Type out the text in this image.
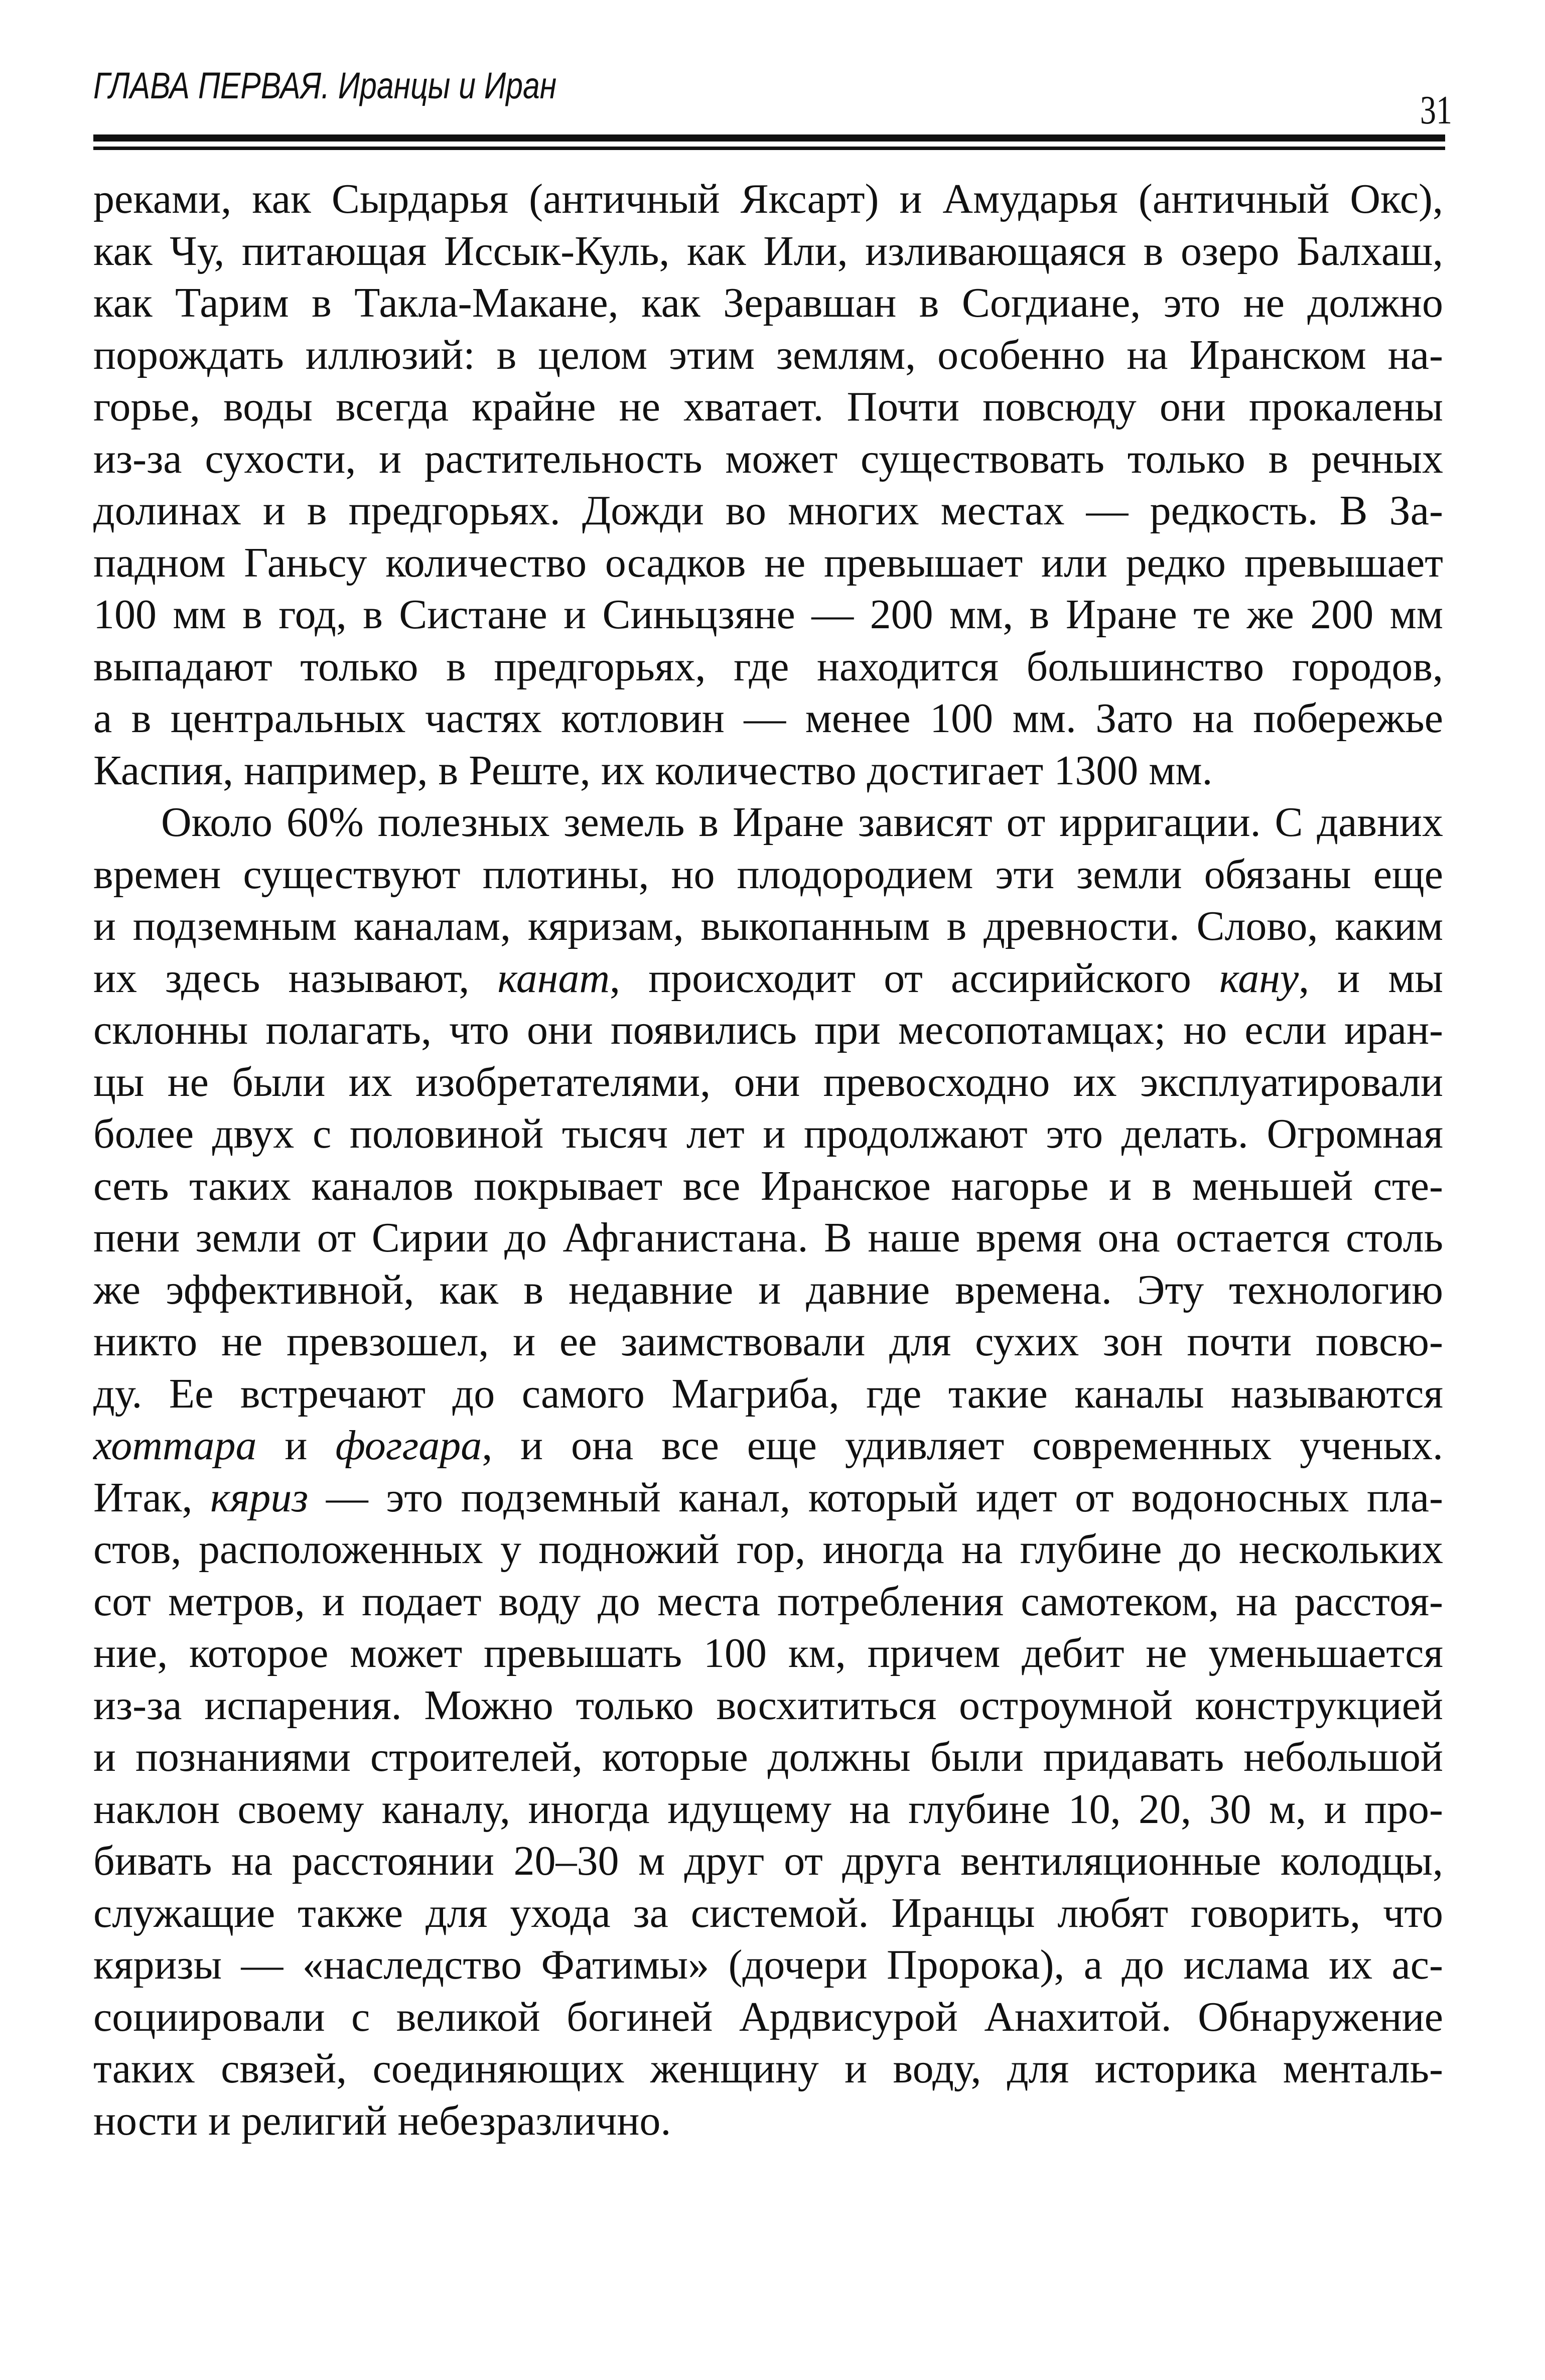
ГЛАВА ПЕРВАЯ. Иранцы и Иран
31
реками, как Сырдарья (античный Яксарт) и Амударья (античный Окс),
как Чу, питающая Иссык-Куль, как Или, изливающаяся в озеро Балхаш,
как Тарим в Такла-Макане, как Зеравшан в Согдиане, это не должно
порождать иллюзий: в целом этим землям, особенно на Иранском на-
горье, воды всегда крайне не хватает. Почти повсюду они прокалены
из-за сухости, и растительность может существовать только в речных
долинах и в предгорьях. Дожди во многих местах — редкость. В За-
падном Ганьсу количество осадков не превышает или редко превышает
100 мм в год, в Систане и Синьцзяне — 200 мм, в Иране те же 200 мм
выпадают только в предгорьях, где находится большинство городов,
а в центральных частях котловин — менее 100 мм. Зато на побережье
Каспия, например, в Реште, их количество достигает 1300 мм.
Около 60% полезных земель в Иране зависят от ирригации. С давних
времен существуют плотины, но плодородием эти земли обязаны еще
и подземным каналам, кяризам, выкопанным в древности. Слово, каким
их здесь называют, канат, происходит от ассирийского кану, и мы
склонны полагать, что они появились при месопотамцах; но если иран-
цы не были их изобретателями, они превосходно их эксплуатировали
более двух с половиной тысяч лет и продолжают это делать. Огромная
сеть таких каналов покрывает все Иранское нагорье и в меньшей сте-
пени земли от Сирии до Афганистана. В наше время она остается столь
же эффективной, как в недавние и давние времена. Эту технологию
никто не превзошел, и ее заимствовали для сухих зон почти повсю-
ду. Ее встречают до самого Магриба, где такие каналы называются
хоттара и фоггара, и она все еще удивляет современных ученых.
Итак, кяриз — это подземный канал, который идет от водоносных пла-
стов, расположенных у подножий гор, иногда на глубине до нескольких
сот метров, и подает воду до места потребления самотеком, на расстоя-
ние, которое может превышать 100 км, причем дебит не уменьшается
из-за испарения. Можно только восхититься остроумной конструкцией
и познаниями строителей, которые должны были придавать небольшой
наклон своему каналу, иногда идущему на глубине 10, 20, 30 м, и про-
бивать на расстоянии 20–30 м друг от друга вентиляционные колодцы,
служащие также для ухода за системой. Иранцы любят говорить, что
кяризы — «наследство Фатимы» (дочери Пророка), а до ислама их ас-
социировали с великой богиней Ардвисурой Анахитой. Обнаружение
таких связей, соединяющих женщину и воду, для историка менталь-
ности и религий небезразлично.
